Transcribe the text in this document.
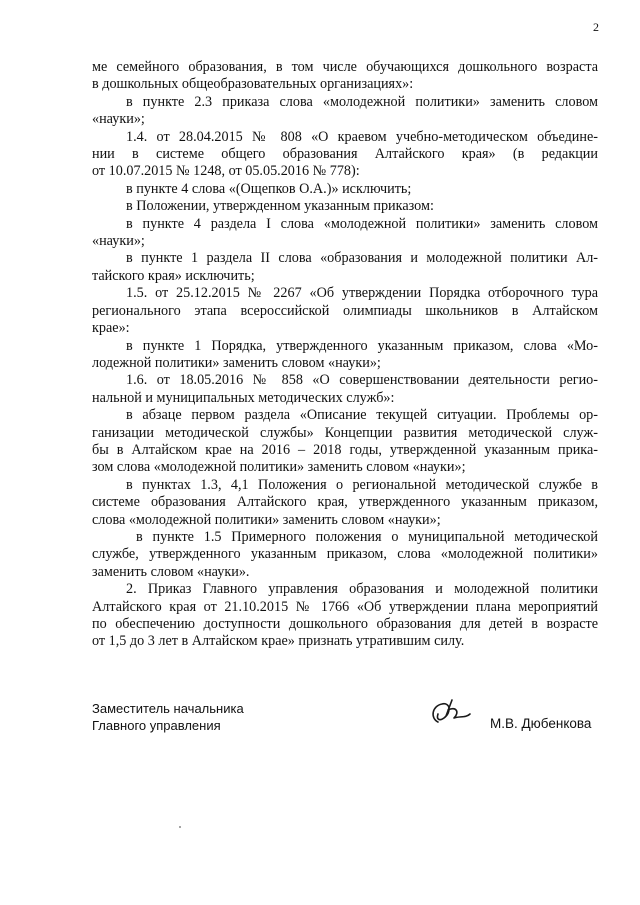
2
ме семейного образования, в том числе обучающихся дошкольного возраста
в дошкольных общеобразовательных организациях»:
в пункте 2.3 приказа слова «молодежной политики» заменить словом
«науки»;
1.4. от 28.04.2015 № 808 «О краевом учебно-методическом объедине-
нии в системе общего образования Алтайского края» (в редакции
от 10.07.2015 № 1248, от 05.05.2016 № 778):
в пункте 4 слова «(Ощепков О.А.)» исключить;
в Положении, утвержденном указанным приказом:
в пункте 4 раздела I слова «молодежной политики» заменить словом
«науки»;
в пункте 1 раздела II слова «образования и молодежной политики Ал-
тайского края» исключить;
1.5. от 25.12.2015 № 2267 «Об утверждении Порядка отборочного тура
регионального этапа всероссийской олимпиады школьников в Алтайском
крае»:
в пункте 1 Порядка, утвержденного указанным приказом, слова «Мо-
лодежной политики» заменить словом «науки»;
1.6. от 18.05.2016 № 858 «О совершенствовании деятельности регио-
нальной и муниципальных методических служб»:
в абзаце первом раздела «Описание текущей ситуации. Проблемы ор-
ганизации методической службы» Концепции развития методической служ-
бы в Алтайском крае на 2016 – 2018 годы, утвержденной указанным прика-
зом слова «молодежной политики» заменить словом «науки»;
в пунктах 1.3, 4,1 Положения о региональной методической службе в
системе образования Алтайского края, утвержденного указанным приказом,
слова «молодежной политики» заменить словом «науки»;
в пункте 1.5 Примерного положения о муниципальной методической
службе, утвержденного указанным приказом, слова «молодежной политики»
заменить словом «науки».
2. Приказ Главного управления образования и молодежной политики
Алтайского края от 21.10.2015 № 1766 «Об утверждении плана мероприятий
по обеспечению доступности дошкольного образования для детей в возрасте
от 1,5 до 3 лет в Алтайском крае» признать утратившим силу.
Заместитель начальника
Главного управления	М.В. Дюбенкова
